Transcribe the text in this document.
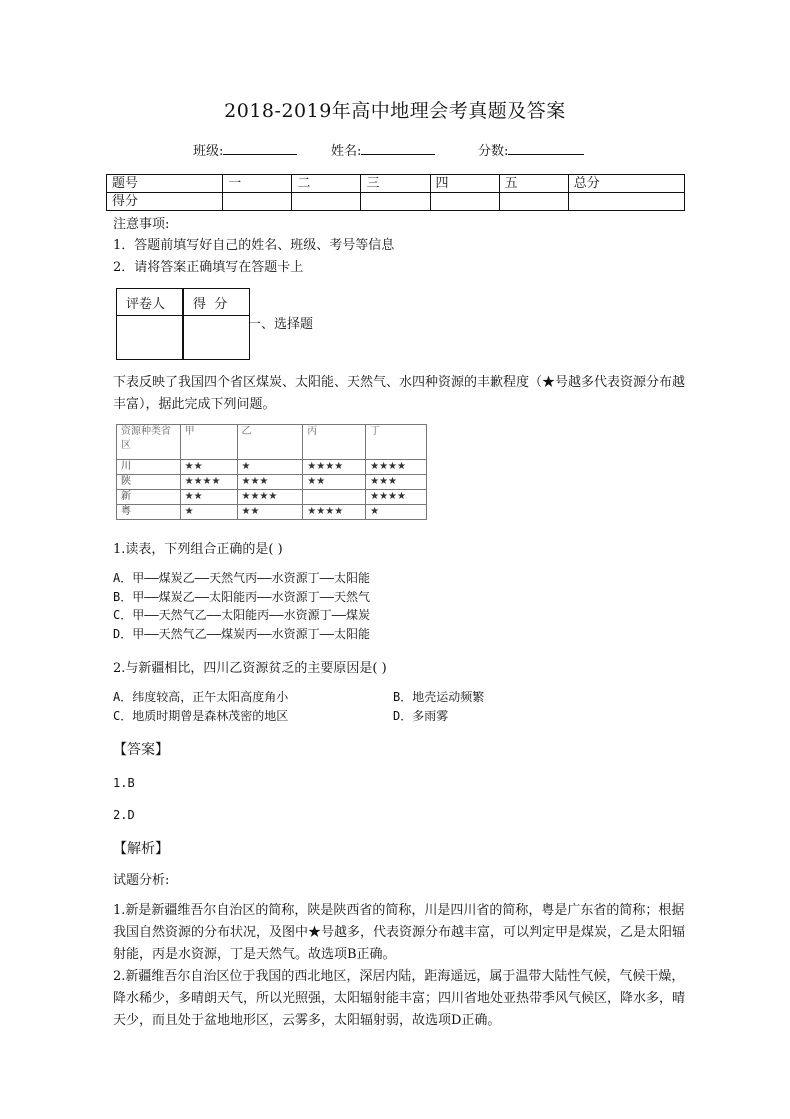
2018-2019年高中地理会考真题及答案
班级:	姓名:	分数:
题号	一	二	三	四	五	总分
得分						
注意事项:
1．答题前填写好自己的姓名、班级、考号等信息
2．请将答案正确填写在答题卡上
评卷人 得  分
一、选择题
下表反映了我国四个省区煤炭、太阳能、天然气、水四种资源的丰歉程度（★号越多代表资源分布越丰富），据此完成下列问题。
资源种类省区	甲	乙	丙	丁
川	★★	★	★★★★	★★★★
陕	★★★★	★★★	★★	★★★
新	★★	★★★★		★★★★
粤	★	★★	★★★★	★
1.读表，下列组合正确的是( )
A．甲——煤炭乙——天然气丙——水资源丁——太阳能
B．甲——煤炭乙——太阳能丙——水资源丁——天然气
C．甲——天然气乙——太阳能丙——水资源丁——煤炭
D．甲——天然气乙——煤炭丙——水资源丁——太阳能
2.与新疆相比，四川乙资源贫乏的主要原因是( )
A．纬度较高，正午太阳高度角小	B．地壳运动频繁
C．地质时期曾是森林茂密的地区	D．多雨雾
【答案】
1.B
2.D
【解析】
试题分析:
1.新是新疆维吾尔自治区的简称，陕是陕西省的简称，川是四川省的简称，粤是广东省的简称；根据我国自然资源的分布状况，及图中★号越多，代表资源分布越丰富，可以判定甲是煤炭，乙是太阳辐射能，丙是水资源，丁是天然气。故选项B正确。
2.新疆维吾尔自治区位于我国的西北地区，深居内陆，距海遥远，属于温带大陆性气候，气候干燥，降水稀少，多晴朗天气，所以光照强，太阳辐射能丰富；四川省地处亚热带季风气候区，降水多，晴天少，而且处于盆地地形区，云雾多，太阳辐射弱，故选项D正确。
